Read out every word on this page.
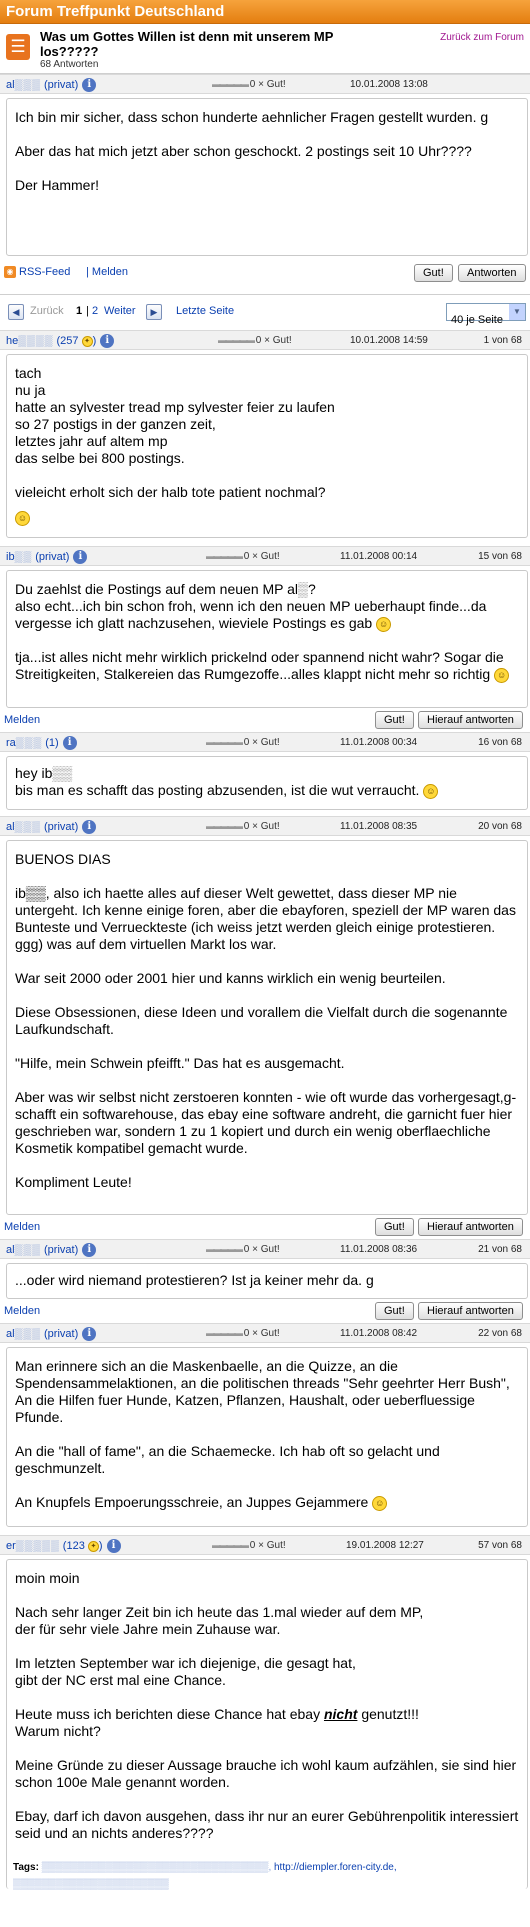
Forum Treffpunkt Deutschland
☰
Was um Gottes Willen ist denn mit unserem MP los?????
68 Antworten
Zurück zum Forum
al▒▒▒ (privat) i	▬▬▬▬▬ 0 × Gut!	10.01.2008 13:08

Ich bin mir sicher, dass schon hunderte aehnlicher Fragen gestellt wurden. g

Aber das hat mich jetzt aber schon geschockt. 2 postings seit 10 Uhr????

Der Hammer!

◉ RSS-Feed | Melden	Gut!	Antworten
◀ Zurück 1 | 2 Weiter	▶	Letzte Seite
40 je Seite
▼
he▒▒▒▒ (257 ✦ ) i	▬▬▬▬▬ 0 × Gut!	10.01.2008 14:59	1 von 68
tach
nu ja
hatte an sylvester tread mp sylvester feier zu laufen
so 27 postigs in der ganzen zeit,
letztes jahr auf altem mp
das selbe bei 800 postings.
vieleicht erholt sich der halb tote patient nochmal?
☺
ib▒▒ (privat) i	▬▬▬▬▬ 0 × Gut!	11.01.2008 00:14	15 von 68
Du zaehlst die Postings auf dem neuen MP al▒?

also echt...ich bin schon froh, wenn ich den neuen MP ueberhaupt finde...da vergesse ich glatt nachzusehen, wieviele Postings es gab ☺

tja...ist alles nicht mehr wirklich prickelnd oder spannend nicht wahr? Sogar die Streitigkeiten, Stalkereien das Rumgezoffe...alles klappt nicht mehr so richtig ☺

Melden	Gut!	Hierauf antworten
ra▒▒▒ (1) i	▬▬▬▬▬ 0 × Gut!	11.01.2008 00:34	16 von 68
hey ib▒▒
bis man es schafft das posting abzusenden, ist die wut verraucht. ☺
al▒▒▒ (privat) i	▬▬▬▬▬ 0 × Gut!	11.01.2008 08:35	20 von 68

BUENOS DIAS

ib▒▒, also ich haette alles auf dieser Welt gewettet, dass dieser MP nie untergeht. Ich kenne einige foren, aber die ebayforen, speziell der MP waren das Bunteste und Verrueckteste (ich weiss jetzt werden gleich einige protestieren. ggg) was auf dem virtuellen Markt los war.

War seit 2000 oder 2001 hier und kanns wirklich ein wenig beurteilen.

Diese Obsessionen, diese Ideen und vorallem die Vielfalt durch die sogenannte Laufkundschaft.

"Hilfe, mein Schwein pfeifft." Das hat es ausgemacht.

Aber was wir selbst nicht zerstoeren konnten - wie oft wurde das vorhergesagt,g- schafft ein softwarehouse, das ebay eine software andreht, die garnicht fuer hier geschrieben war, sondern 1 zu 1 kopiert und durch ein wenig oberflaechliche Kosmetik kompatibel gemacht wurde.

Kompliment Leute!

Melden	Gut!	Hierauf antworten
al▒▒▒ (privat) i	▬▬▬▬▬ 0 × Gut!	11.01.2008 08:36	21 von 68
...oder wird niemand protestieren? Ist ja keiner mehr da. g
Melden	Gut!	Hierauf antworten
al▒▒▒ (privat) i	▬▬▬▬▬ 0 × Gut!	11.01.2008 08:42	22 von 68

Man erinnere sich an die Maskenbaelle, an die Quizze, an die Spendensammelaktionen, an die politischen threads "Sehr geehrter Herr Bush", An die Hilfen fuer Hunde, Katzen, Pflanzen, Haushalt, oder ueberfluessige Pfunde.

An die "hall of fame", an die Schaemecke. Ich hab oft so gelacht und geschmunzelt.

An Knupfels Empoerungsschreie, an Juppes Gejammere ☺

er▒▒▒▒▒ (123 ✦ ) i	▬▬▬▬▬ 0 × Gut!	19.01.2008 12:27	57 von 68

moin moin

Nach sehr langer Zeit bin ich heute das 1.mal wieder auf dem MP,
der für sehr viele Jahre mein Zuhause war.

Im letzten September war ich diejenige, die gesagt hat,
gibt der NC erst mal eine Chance.

Heute muss ich berichten diese Chance hat ebay nicht genutzt!!!
Warum nicht?

Meine Gründe zu dieser Aussage brauche ich wohl kaum aufzählen, sie sind hier schon 100e Male genannt worden.

Ebay, darf ich davon ausgehen, dass ihr nur an eurer Gebührenpolitik interessiert seid und an nichts anderes????

Tags: ▒▒▒▒▒▒▒▒▒▒▒▒▒▒▒▒▒▒▒▒▒▒▒▒▒▒▒▒▒▒▒▒, http://diempler.foren-city.de, ▒▒▒▒▒▒▒▒▒▒▒▒▒▒▒▒▒▒▒▒▒▒
